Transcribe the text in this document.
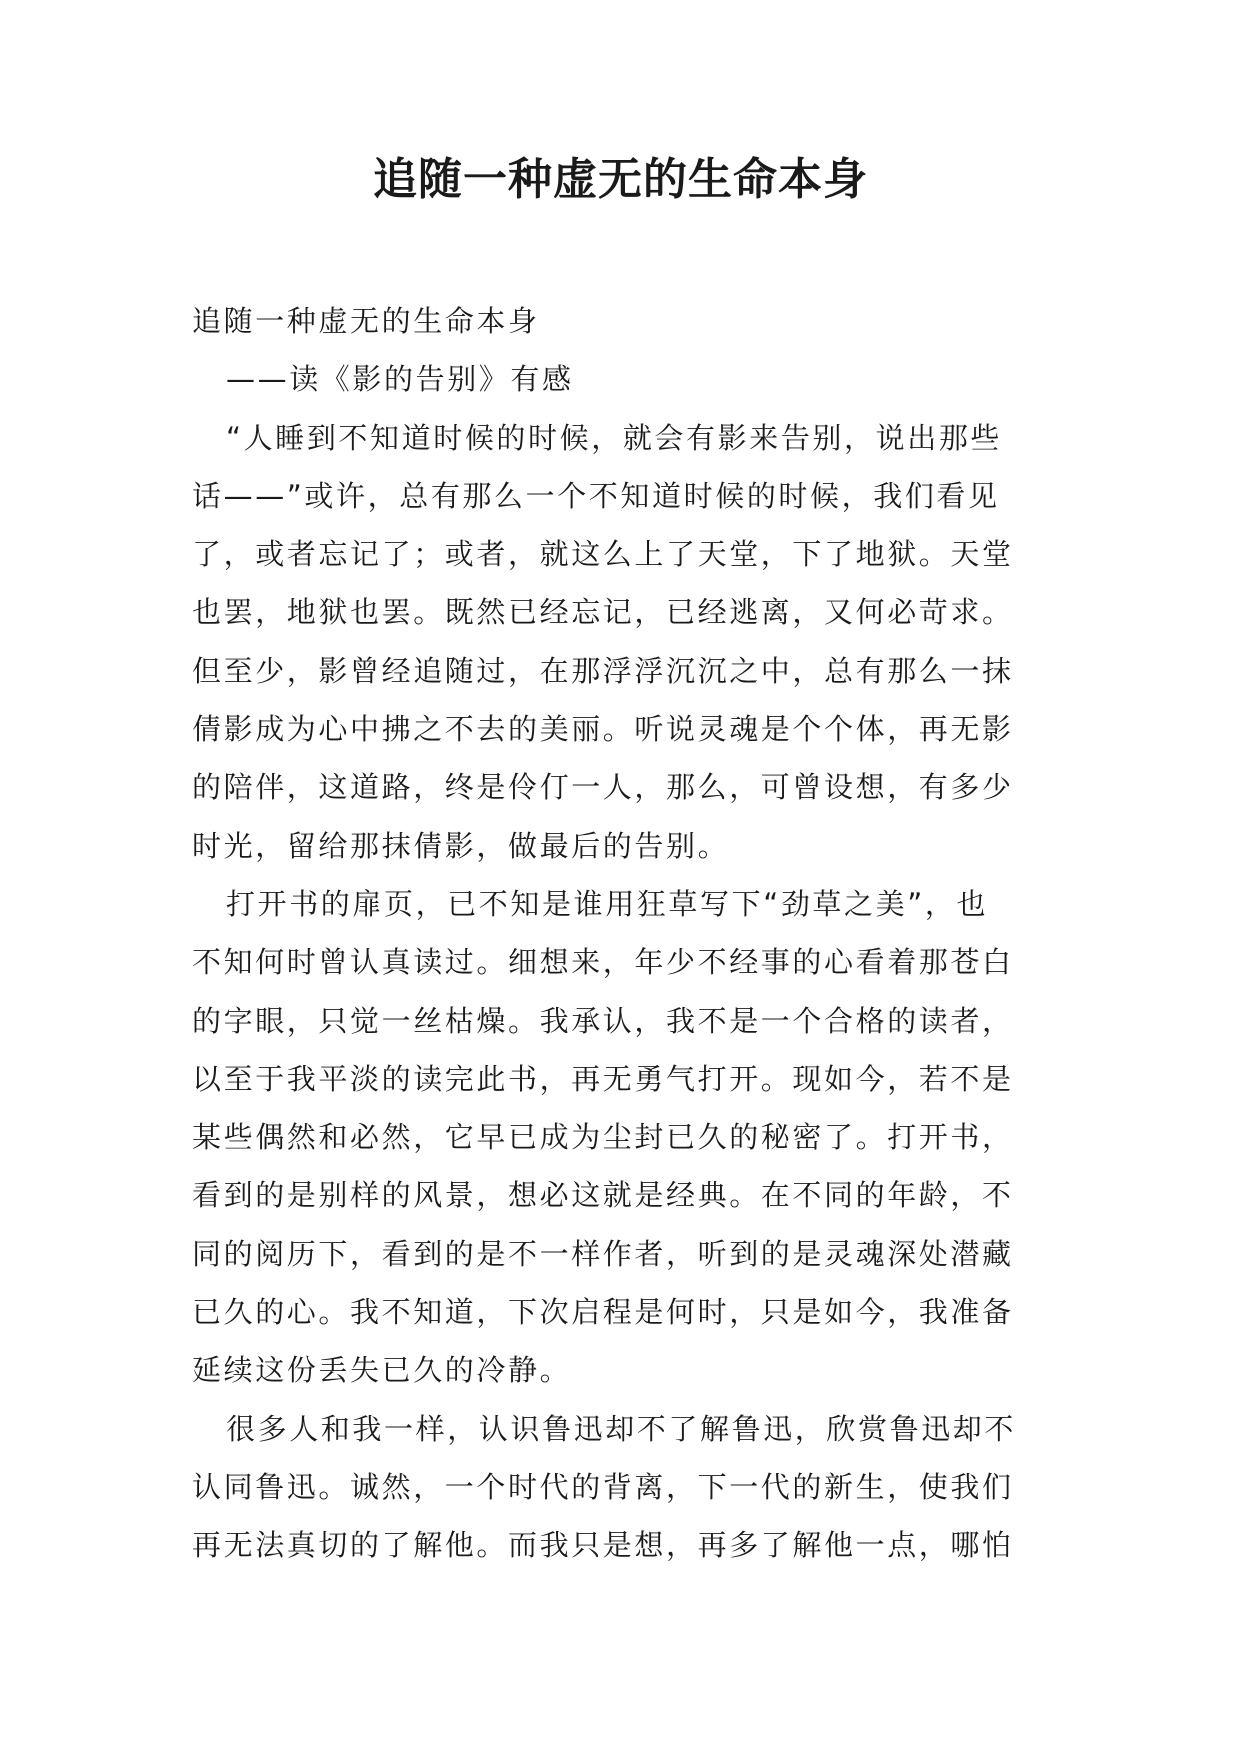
追随一种虚无的生命本身
追随一种虚无的生命本身
——读《影的告别》有感
“人睡到不知道时候的时候，就会有影来告别，说出那些
话——”或许，总有那么一个不知道时候的时候，我们看见
了，或者忘记了；或者，就这么上了天堂，下了地狱。天堂
也罢，地狱也罢。既然已经忘记，已经逃离，又何必苛求。
但至少，影曾经追随过，在那浮浮沉沉之中，总有那么一抹
倩影成为心中拂之不去的美丽。听说灵魂是个个体，再无影
的陪伴，这道路，终是伶仃一人，那么，可曾设想，有多少
时光，留给那抹倩影，做最后的告别。
打开书的扉页，已不知是谁用狂草写下“劲草之美”，也
不知何时曾认真读过。细想来，年少不经事的心看着那苍白
的字眼，只觉一丝枯燥。我承认，我不是一个合格的读者，
以至于我平淡的读完此书，再无勇气打开。现如今，若不是
某些偶然和必然，它早已成为尘封已久的秘密了。打开书，
看到的是别样的风景，想必这就是经典。在不同的年龄，不
同的阅历下，看到的是不一样作者，听到的是灵魂深处潜藏
已久的心。我不知道，下次启程是何时，只是如今，我准备
延续这份丢失已久的冷静。
很多人和我一样，认识鲁迅却不了解鲁迅，欣赏鲁迅却不
认同鲁迅。诚然，一个时代的背离，下一代的新生，使我们
再无法真切的了解他。而我只是想，再多了解他一点，哪怕
